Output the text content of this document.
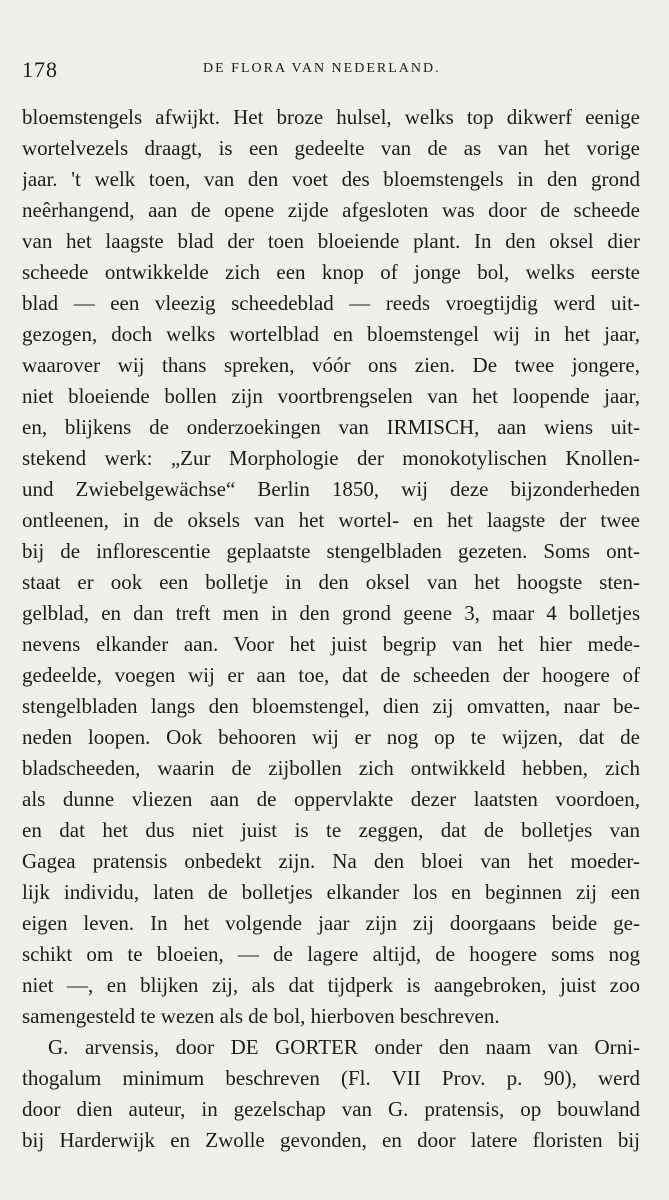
178	DE FLORA VAN NEDERLAND.
bloemstengels afwijkt. Het broze hulsel, welks top dikwerf eenige
wortelvezels draagt, is een gedeelte van de as van het vorige
jaar. 't welk toen, van den voet des bloemstengels in den grond
neêrhangend, aan de opene zijde afgesloten was door de scheede
van het laagste blad der toen bloeiende plant. In den oksel dier
scheede ontwikkelde zich een knop of jonge bol, welks eerste
blad — een vleezig scheedeblad — reeds vroegtijdig werd uit-
gezogen, doch welks wortelblad en bloemstengel wij in het jaar,
waarover wij thans spreken, vóór ons zien. De twee jongere,
niet bloeiende bollen zijn voortbrengselen van het loopende jaar,
en, blijkens de onderzoekingen van IRMISCH, aan wiens uit-
stekend werk: „Zur Morphologie der monokotylischen Knollen-
und Zwiebelgewächse“ Berlin 1850, wij deze bijzonderheden
ontleenen, in de oksels van het wortel- en het laagste der twee
bij de inflorescentie geplaatste stengelbladen gezeten. Soms ont-
staat er ook een bolletje in den oksel van het hoogste sten-
gelblad, en dan treft men in den grond geene 3, maar 4 bolletjes
nevens elkander aan. Voor het juist begrip van het hier mede-
gedeelde, voegen wij er aan toe, dat de scheeden der hoogere of
stengelbladen langs den bloemstengel, dien zij omvatten, naar be-
neden loopen. Ook behooren wij er nog op te wijzen, dat de
bladscheeden, waarin de zijbollen zich ontwikkeld hebben, zich
als dunne vliezen aan de oppervlakte dezer laatsten voordoen,
en dat het dus niet juist is te zeggen, dat de bolletjes van
Gagea pratensis onbedekt zijn. Na den bloei van het moeder-
lijk individu, laten de bolletjes elkander los en beginnen zij een
eigen leven. In het volgende jaar zijn zij doorgaans beide ge-
schikt om te bloeien, — de lagere altijd, de hoogere soms nog
niet —, en blijken zij, als dat tijdperk is aangebroken, juist zoo
samengesteld te wezen als de bol, hierboven beschreven.
G. arvensis, door DE GORTER onder den naam van Orni-
thogalum minimum beschreven (Fl. VII Prov. p. 90), werd
door dien auteur, in gezelschap van G. pratensis, op bouwland
bij Harderwijk en Zwolle gevonden, en door latere floristen bij
